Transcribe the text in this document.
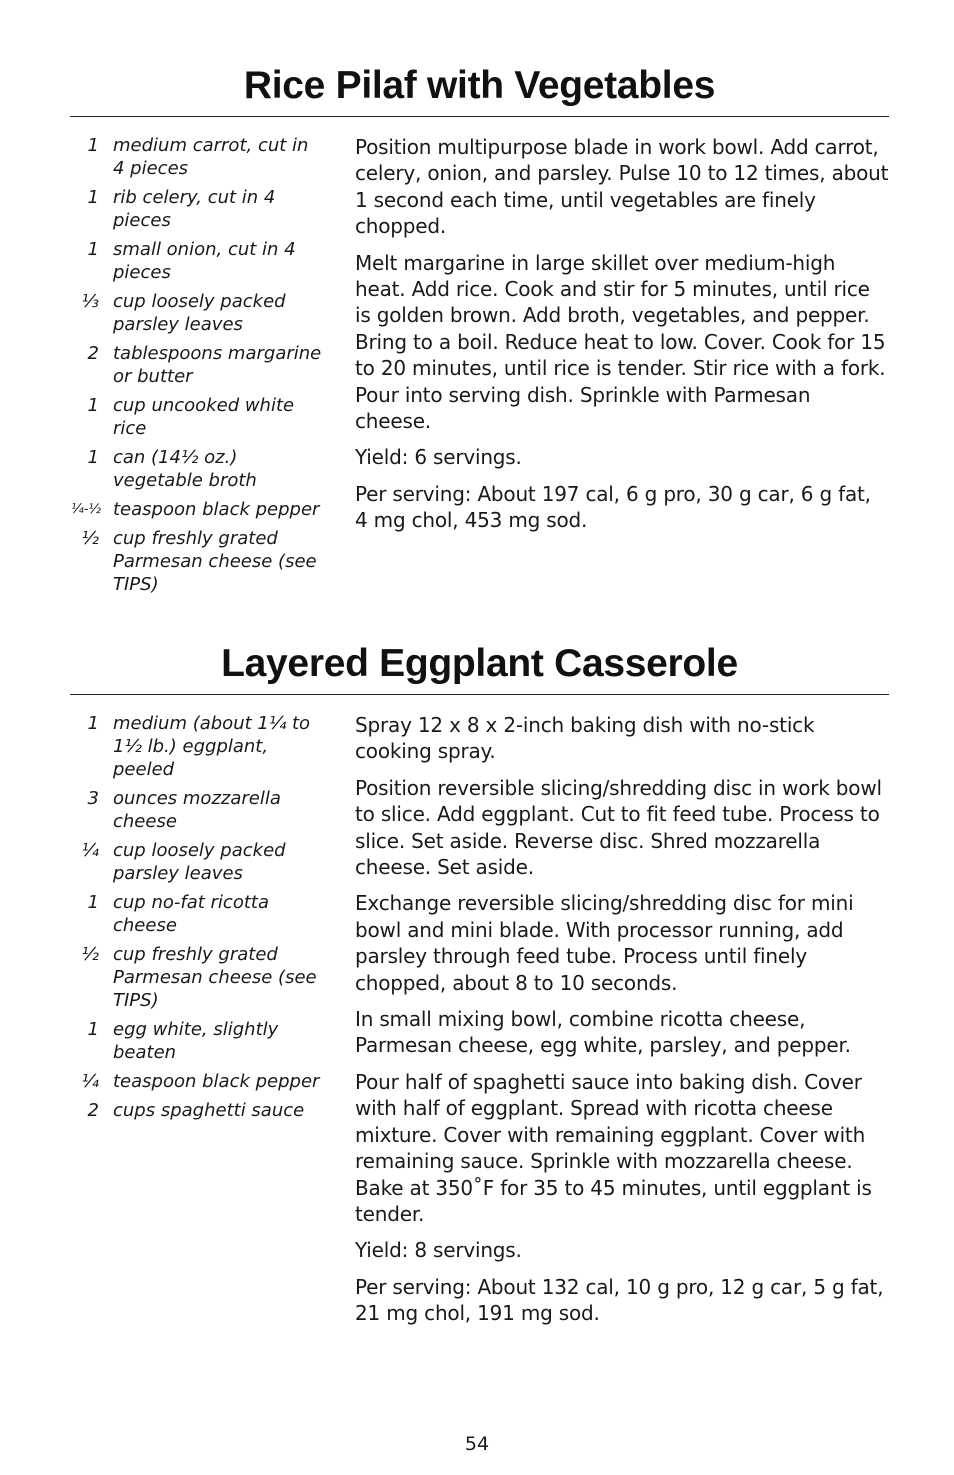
Rice Pilaf with Vegetables
1 medium carrot, cut in 4 pieces
1 rib celery, cut in 4 pieces
1 small onion, cut in 4 pieces
⅓ cup loosely packed parsley leaves
2 tablespoons margarine or butter
1 cup uncooked white rice
1 can (14½ oz.) vegetable broth
¼-½ teaspoon black pepper
½ cup freshly grated Parmesan cheese (see TIPS)

Position multipurpose blade in work bowl. Add carrot, celery, onion, and parsley. Pulse 10 to 12 times, about 1 second each time, until vegetables are finely chopped.

Melt margarine in large skillet over medium-high heat. Add rice. Cook and stir for 5 minutes, until rice is golden brown. Add broth, vegetables, and pepper. Bring to a boil. Reduce heat to low. Cover. Cook for 15 to 20 minutes, until rice is tender. Stir rice with a fork. Pour into serving dish. Sprinkle with Parmesan cheese.

Yield: 6 servings.

Per serving: About 197 cal, 6 g pro, 30 g car, 6 g fat, 4 mg chol, 453 mg sod.

Layered Eggplant Casserole
1 medium (about 1¼ to 1½ lb.) eggplant, peeled
3 ounces mozzarella cheese
¼ cup loosely packed parsley leaves
1 cup no-fat ricotta cheese
½ cup freshly grated Parmesan cheese (see TIPS)
1 egg white, slightly beaten
¼ teaspoon black pepper
2 cups spaghetti sauce

Spray 12 x 8 x 2-inch baking dish with no-stick cooking spray.

Position reversible slicing/shredding disc in work bowl to slice. Add eggplant. Cut to fit feed tube. Process to slice. Set aside. Reverse disc. Shred mozzarella cheese. Set aside.

Exchange reversible slicing/shredding disc for mini bowl and mini blade. With processor running, add parsley through feed tube. Process until finely chopped, about 8 to 10 seconds.

In small mixing bowl, combine ricotta cheese, Parmesan cheese, egg white, parsley, and pepper.

Pour half of spaghetti sauce into baking dish. Cover with half of eggplant. Spread with ricotta cheese mixture. Cover with remaining eggplant. Cover with remaining sauce. Sprinkle with mozzarella cheese. Bake at 350˚F for 35 to 45 minutes, until eggplant is tender.

Yield: 8 servings.

Per serving: About 132 cal, 10 g pro, 12 g car, 5 g fat, 21 mg chol, 191 mg sod.

54
